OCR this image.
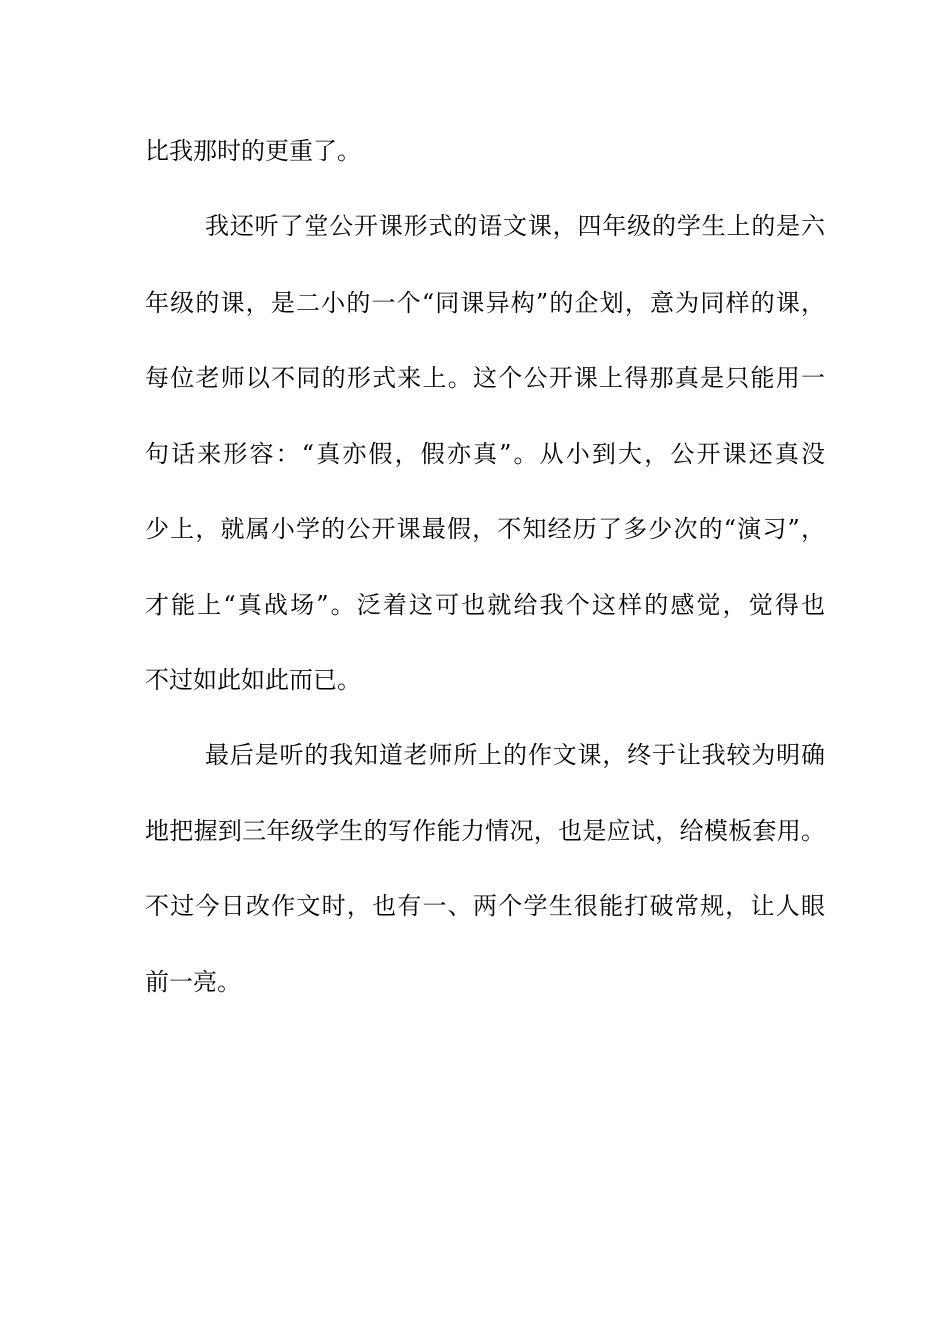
比我那时的更重了。
我还听了堂公开课形式的语文课，四年级的学生上的是六
年级的课，是二小的一个“同课异构”的企划，意为同样的课，
每位老师以不同的形式来上。这个公开课上得那真是只能用一
句话来形容：“真亦假，假亦真”。从小到大，公开课还真没
少上，就属小学的公开课最假，不知经历了多少次的“演习”，
才能上“真战场”。泛着这可也就给我个这样的感觉，觉得也
不过如此如此而已。
最后是听的我知道老师所上的作文课，终于让我较为明确
地把握到三年级学生的写作能力情况，也是应试，给模板套用。
不过今日改作文时，也有一、两个学生很能打破常规，让人眼
前一亮。
